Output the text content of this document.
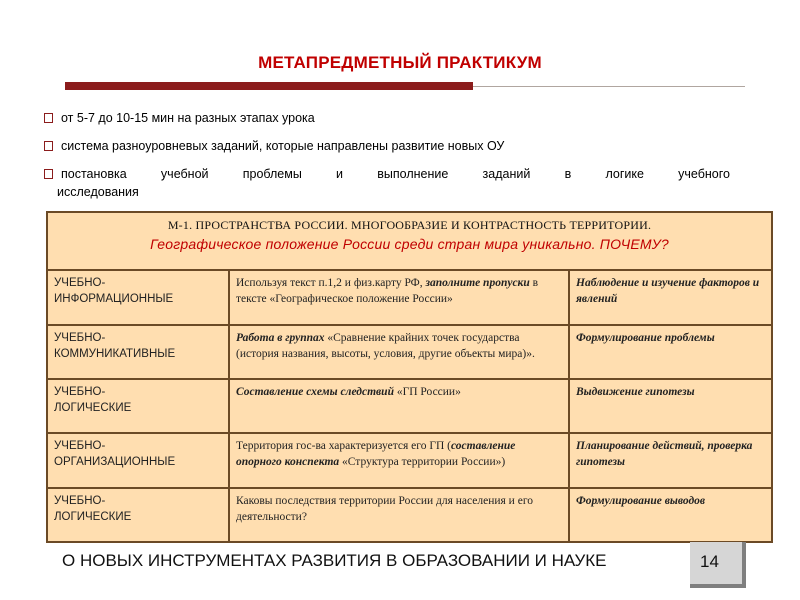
МЕТАПРЕДМЕТНЫЙ ПРАКТИКУМ
от 5-7 до 10-15 мин на разных этапах урока
система разноуровневых заданий, которые направлены развитие новых ОУ
постановка учебной проблемы и выполнение заданий в логике учебного
исследования
М-1. ПРОСТРАНСТВА РОССИИ. МНОГООБРАЗИЕ И КОНТРАСТНОСТЬ ТЕРРИТОРИИ.
Географическое положение России среди стран мира уникально. ПОЧЕМУ?		

УЧЕБНО-
ИНФОРМАЦИОННЫЕ	Используя текст п.1,2 и физ.карту РФ, заполните пропуски в тексте «Географическое положение России»	Наблюдение и изучение факторов и явлений
УЧЕБНО-
КОММУНИКАТИВНЫЕ	Работа в группах «Сравнение крайних точек государства (история названия, высоты, условия, другие объекты мира)».	Формулирование проблемы
УЧЕБНО-
ЛОГИЧЕСКИЕ	Составление схемы следствий «ГП России»	Выдвижение гипотезы
УЧЕБНО-
ОРГАНИЗАЦИОННЫЕ	Территория гос-ва характеризуется его ГП (составление опорного конспекта «Структура территории России»)	Планирование действий, проверка гипотезы
УЧЕБНО-
ЛОГИЧЕСКИЕ	Каковы последствия территории России для населения и его деятельности?	Формулирование выводов
О НОВЫХ ИНСТРУМЕНТАХ РАЗВИТИЯ В ОБРАЗОВАНИИ И НАУКЕ	14
